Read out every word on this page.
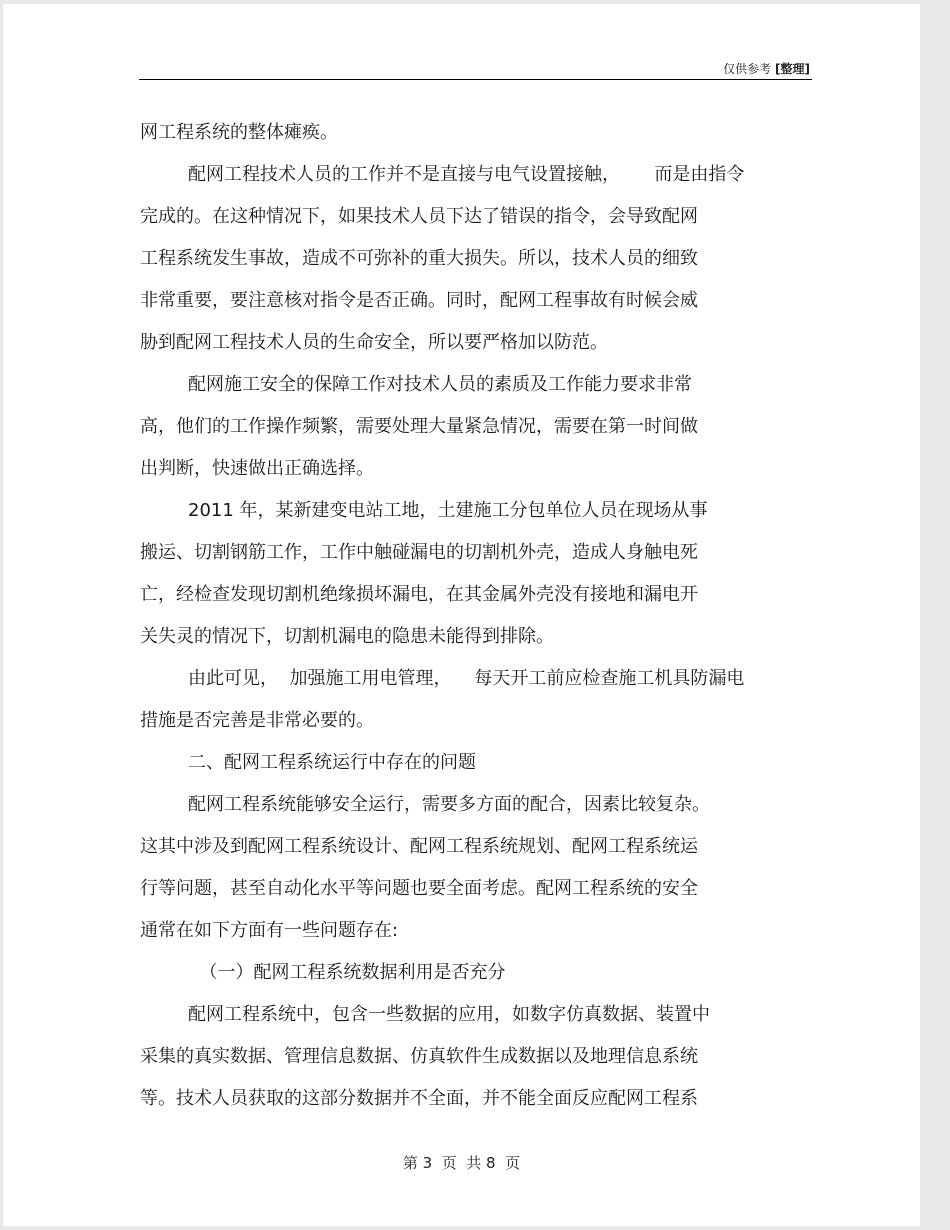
仅供参考 [整理]
网工程系统的整体瘫痪。
配网工程技术人员的工作并不是直接与电气设置接触，      而是由指令
完成的。在这种情况下，如果技术人员下达了错误的指令，会导致配网
工程系统发生事故，造成不可弥补的重大损失。所以，技术人员的细致
非常重要，要注意核对指令是否正确。同时，配网工程事故有时候会威
胁到配网工程技术人员的生命安全，所以要严格加以防范。
配网施工安全的保障工作对技术人员的素质及工作能力要求非常
高，他们的工作操作频繁，需要处理大量紧急情况，需要在第一时间做
出判断，快速做出正确选择。
2011 年，某新建变电站工地，土建施工分包单位人员在现场从事
搬运、切割钢筋工作，工作中触碰漏电的切割机外壳，造成人身触电死
亡，经检查发现切割机绝缘损坏漏电，在其金属外壳没有接地和漏电开
关失灵的情况下，切割机漏电的隐患未能得到排除。
由此可见，  加强施工用电管理，    每天开工前应检查施工机具防漏电
措施是否完善是非常必要的。
二、配网工程系统运行中存在的问题
配网工程系统能够安全运行，需要多方面的配合，因素比较复杂。
这其中涉及到配网工程系统设计、配网工程系统规划、配网工程系统运
行等问题，甚至自动化水平等问题也要全面考虑。配网工程系统的安全
通常在如下方面有一些问题存在:
（一）配网工程系统数据利用是否充分
配网工程系统中，包含一些数据的应用，如数字仿真数据、装置中
采集的真实数据、管理信息数据、仿真软件生成数据以及地理信息系统
等。技术人员获取的这部分数据并不全面，并不能全面反应配网工程系
第 3  页  共 8  页
